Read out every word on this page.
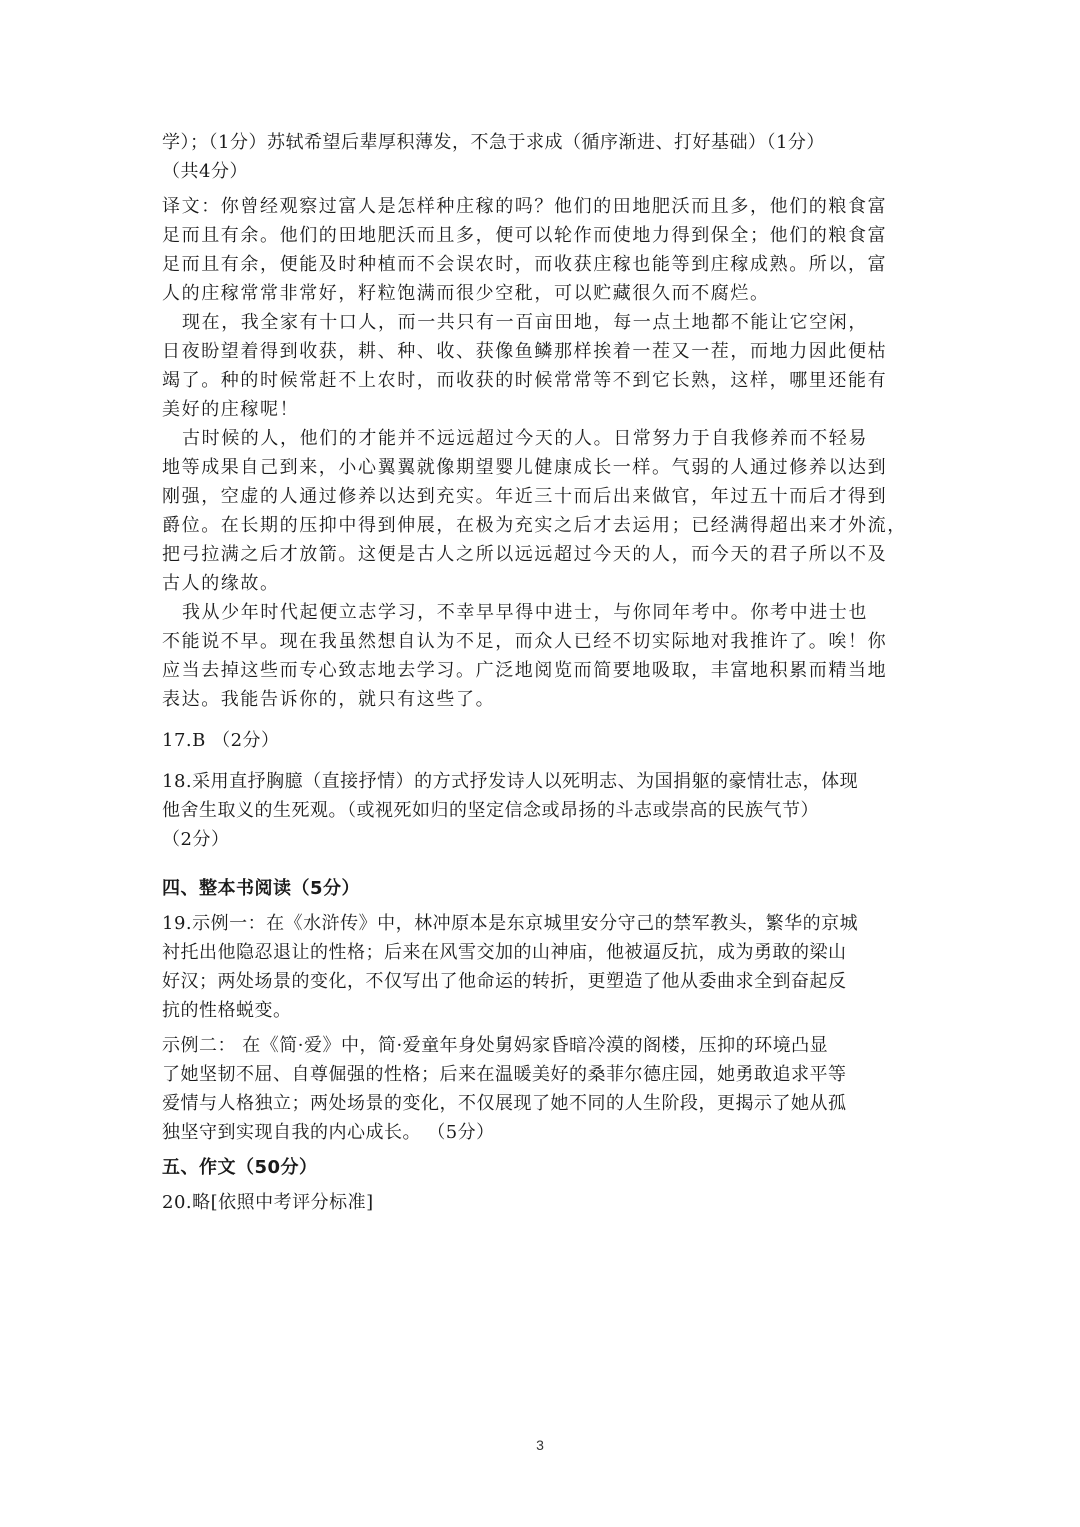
学）；（1分）苏轼希望后辈厚积薄发，不急于求成（循序渐进、打好基础）（1分）
（共4分）
译文：你曾经观察过富人是怎样种庄稼的吗？他们的田地肥沃而且多，他们的粮食富
足而且有余。他们的田地肥沃而且多，便可以轮作而使地力得到保全；他们的粮食富
足而且有余，便能及时种植而不会误农时，而收获庄稼也能等到庄稼成熟。所以，富
人的庄稼常常非常好，籽粒饱满而很少空秕，可以贮藏很久而不腐烂。
现在，我全家有十口人，而一共只有一百亩田地，每一点土地都不能让它空闲，
日夜盼望着得到收获，耕、种、收、获像鱼鳞那样挨着一茬又一茬，而地力因此便枯
竭了。种的时候常赶不上农时，而收获的时候常常等不到它长熟，这样，哪里还能有
美好的庄稼呢！
古时候的人，他们的才能并不远远超过今天的人。日常努力于自我修养而不轻易
地等成果自己到来，小心翼翼就像期望婴儿健康成长一样。气弱的人通过修养以达到
刚强，空虚的人通过修养以达到充实。年近三十而后出来做官，年过五十而后才得到
爵位。在长期的压抑中得到伸展，在极为充实之后才去运用；已经满得超出来才外流，
把弓拉满之后才放箭。这便是古人之所以远远超过今天的人，而今天的君子所以不及
古人的缘故。
我从少年时代起便立志学习，不幸早早得中进士，与你同年考中。你考中进士也
不能说不早。现在我虽然想自认为不足，而众人已经不切实际地对我推许了。唉！你
应当去掉这些而专心致志地去学习。广泛地阅览而简要地吸取，丰富地积累而精当地
表达。我能告诉你的，就只有这些了。
17.B （2分）
18.采用直抒胸臆（直接抒情）的方式抒发诗人以死明志、为国捐躯的豪情壮志，体现
他舍生取义的生死观。（或视死如归的坚定信念或昂扬的斗志或崇高的民族气节）
（2分）
四、整本书阅读（5分）
19.示例一：在《水浒传》中，林冲原本是东京城里安分守己的禁军教头，繁华的京城
衬托出他隐忍退让的性格；后来在风雪交加的山神庙，他被逼反抗，成为勇敢的梁山
好汉；两处场景的变化，不仅写出了他命运的转折，更塑造了他从委曲求全到奋起反
抗的性格蜕变。
示例二： 在《简·爱》中，简·爱童年身处舅妈家昏暗冷漠的阁楼，压抑的环境凸显
了她坚韧不屈、自尊倔强的性格；后来在温暖美好的桑菲尔德庄园，她勇敢追求平等
爱情与人格独立；两处场景的变化，不仅展现了她不同的人生阶段，更揭示了她从孤
独坚守到实现自我的内心成长。 （5分）
五、作文（50分）
20.略[依照中考评分标准]
3
